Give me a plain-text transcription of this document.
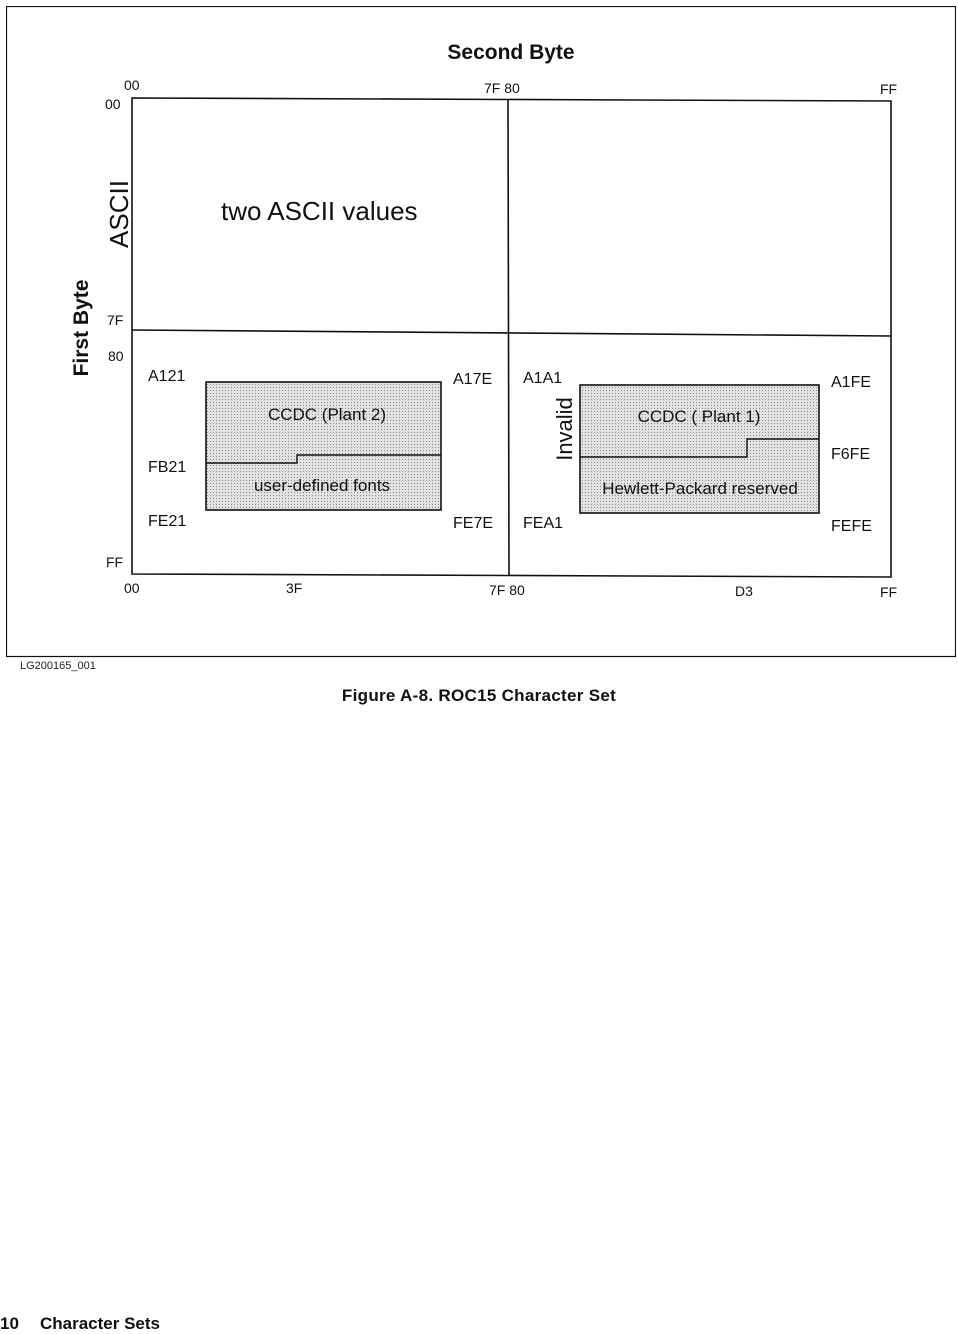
Second Byte
First Byte
00	7F 80	FF
00
7F
80
FF
00	3F	7F 80	D3	FF
ASCII	two ASCII values
A121	A17E
FB21
FE21	FE7E
CCDC (Plant 2)
user-defined fonts
A1A1	A1FE
F6FE
FEA1	FEFE
Invalid	CCDC ( Plant 1)
Hewlett-Packard reserved
LG200165_001
Figure A-8. ROC15 Character Set
10 Character Sets
